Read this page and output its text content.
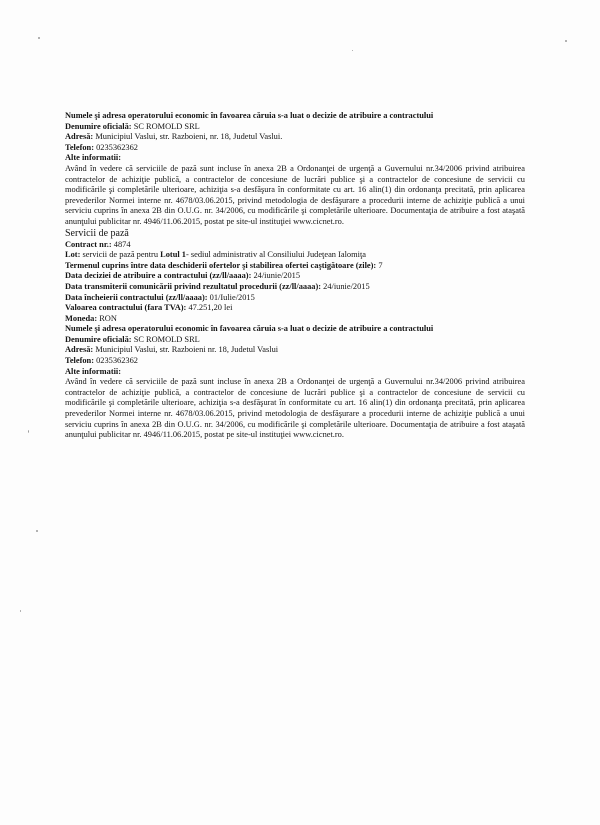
Numele şi adresa operatorului economic în favoarea căruia s-a luat o decizie de atribuire a contractului
Denumire oficială: SC ROMOLD SRL
Adresă: Municipiul Vaslui, str. Razboieni, nr. 18, Judetul Vaslui.
Telefon: 0235362362
Alte informatii:
Având în vedere că serviciile de pază sunt incluse în anexa 2B a Ordonanţei de urgenţă a Guvernului nr.34/2006 privind atribuirea contractelor de achiziţie publică, a contractelor de concesiune de lucrări publice şi a contractelor de concesiune de servicii cu modificările şi completările ulterioare, achiziţia s-a desfăşura în conformitate cu art. 16 alin(1) din ordonanţa precitată, prin aplicarea prevederilor Normei interne nr. 4678/03.06.2015, privind metodologia de desfăşurare a procedurii interne de achiziţie publică a unui serviciu cuprins în anexa 2B din O.U.G. nr. 34/2006, cu modificările şi completările ulterioare. Documentaţia de atribuire a fost ataşată anunţului publicitar nr. 4946/11.06.2015, postat pe site-ul instituţiei www.cicnet.ro.
Servicii de pază
Contract nr.: 4874
Lot: servicii de pază pentru Lotul 1- sediul administrativ al Consiliului Judeţean Ialomiţa
Termenul cuprins între data deschiderii ofertelor şi stabilirea ofertei caştigătoare (zile): 7
Data deciziei de atribuire a contractului (zz/ll/aaaa): 24/iunie/2015
Data transmiterii comunicării privind rezultatul procedurii (zz/ll/aaaa): 24/iunie/2015
Data încheierii contractului (zz/ll/aaaa): 01/Iulie/2015
Valoarea contractului (fara TVA): 47.251,20 lei
Moneda: RON
Numele şi adresa operatorului economic în favoarea căruia s-a luat o decizie de atribuire a contractului
Denumire oficială: SC ROMOLD SRL
Adresă: Municipiul Vaslui, str. Razboieni nr. 18, Judetul Vaslui
Telefon: 0235362362
Alte informatii:
Având în vedere că serviciile de pază sunt incluse în anexa 2B a Ordonanţei de urgenţă a Guvernului nr.34/2006 privind atribuirea contractelor de achiziţie publică, a contractelor de concesiune de lucrări publice şi a contractelor de concesiune de servicii cu modificările şi completările ulterioare, achiziţia s-a desfăşurat în conformitate cu art. 16 alin(1) din ordonanţa precitată, prin aplicarea prevederilor Normei interne nr. 4678/03.06.2015, privind metodologia de desfăşurare a procedurii interne de achiziţie publică a unui serviciu cuprins în anexa 2B din O.U.G. nr. 34/2006, cu modificările şi completările ulterioare. Documentaţia de atribuire a fost ataşată anunţului publicitar nr. 4946/11.06.2015, postat pe site-ul instituţiei www.cicnet.ro.
